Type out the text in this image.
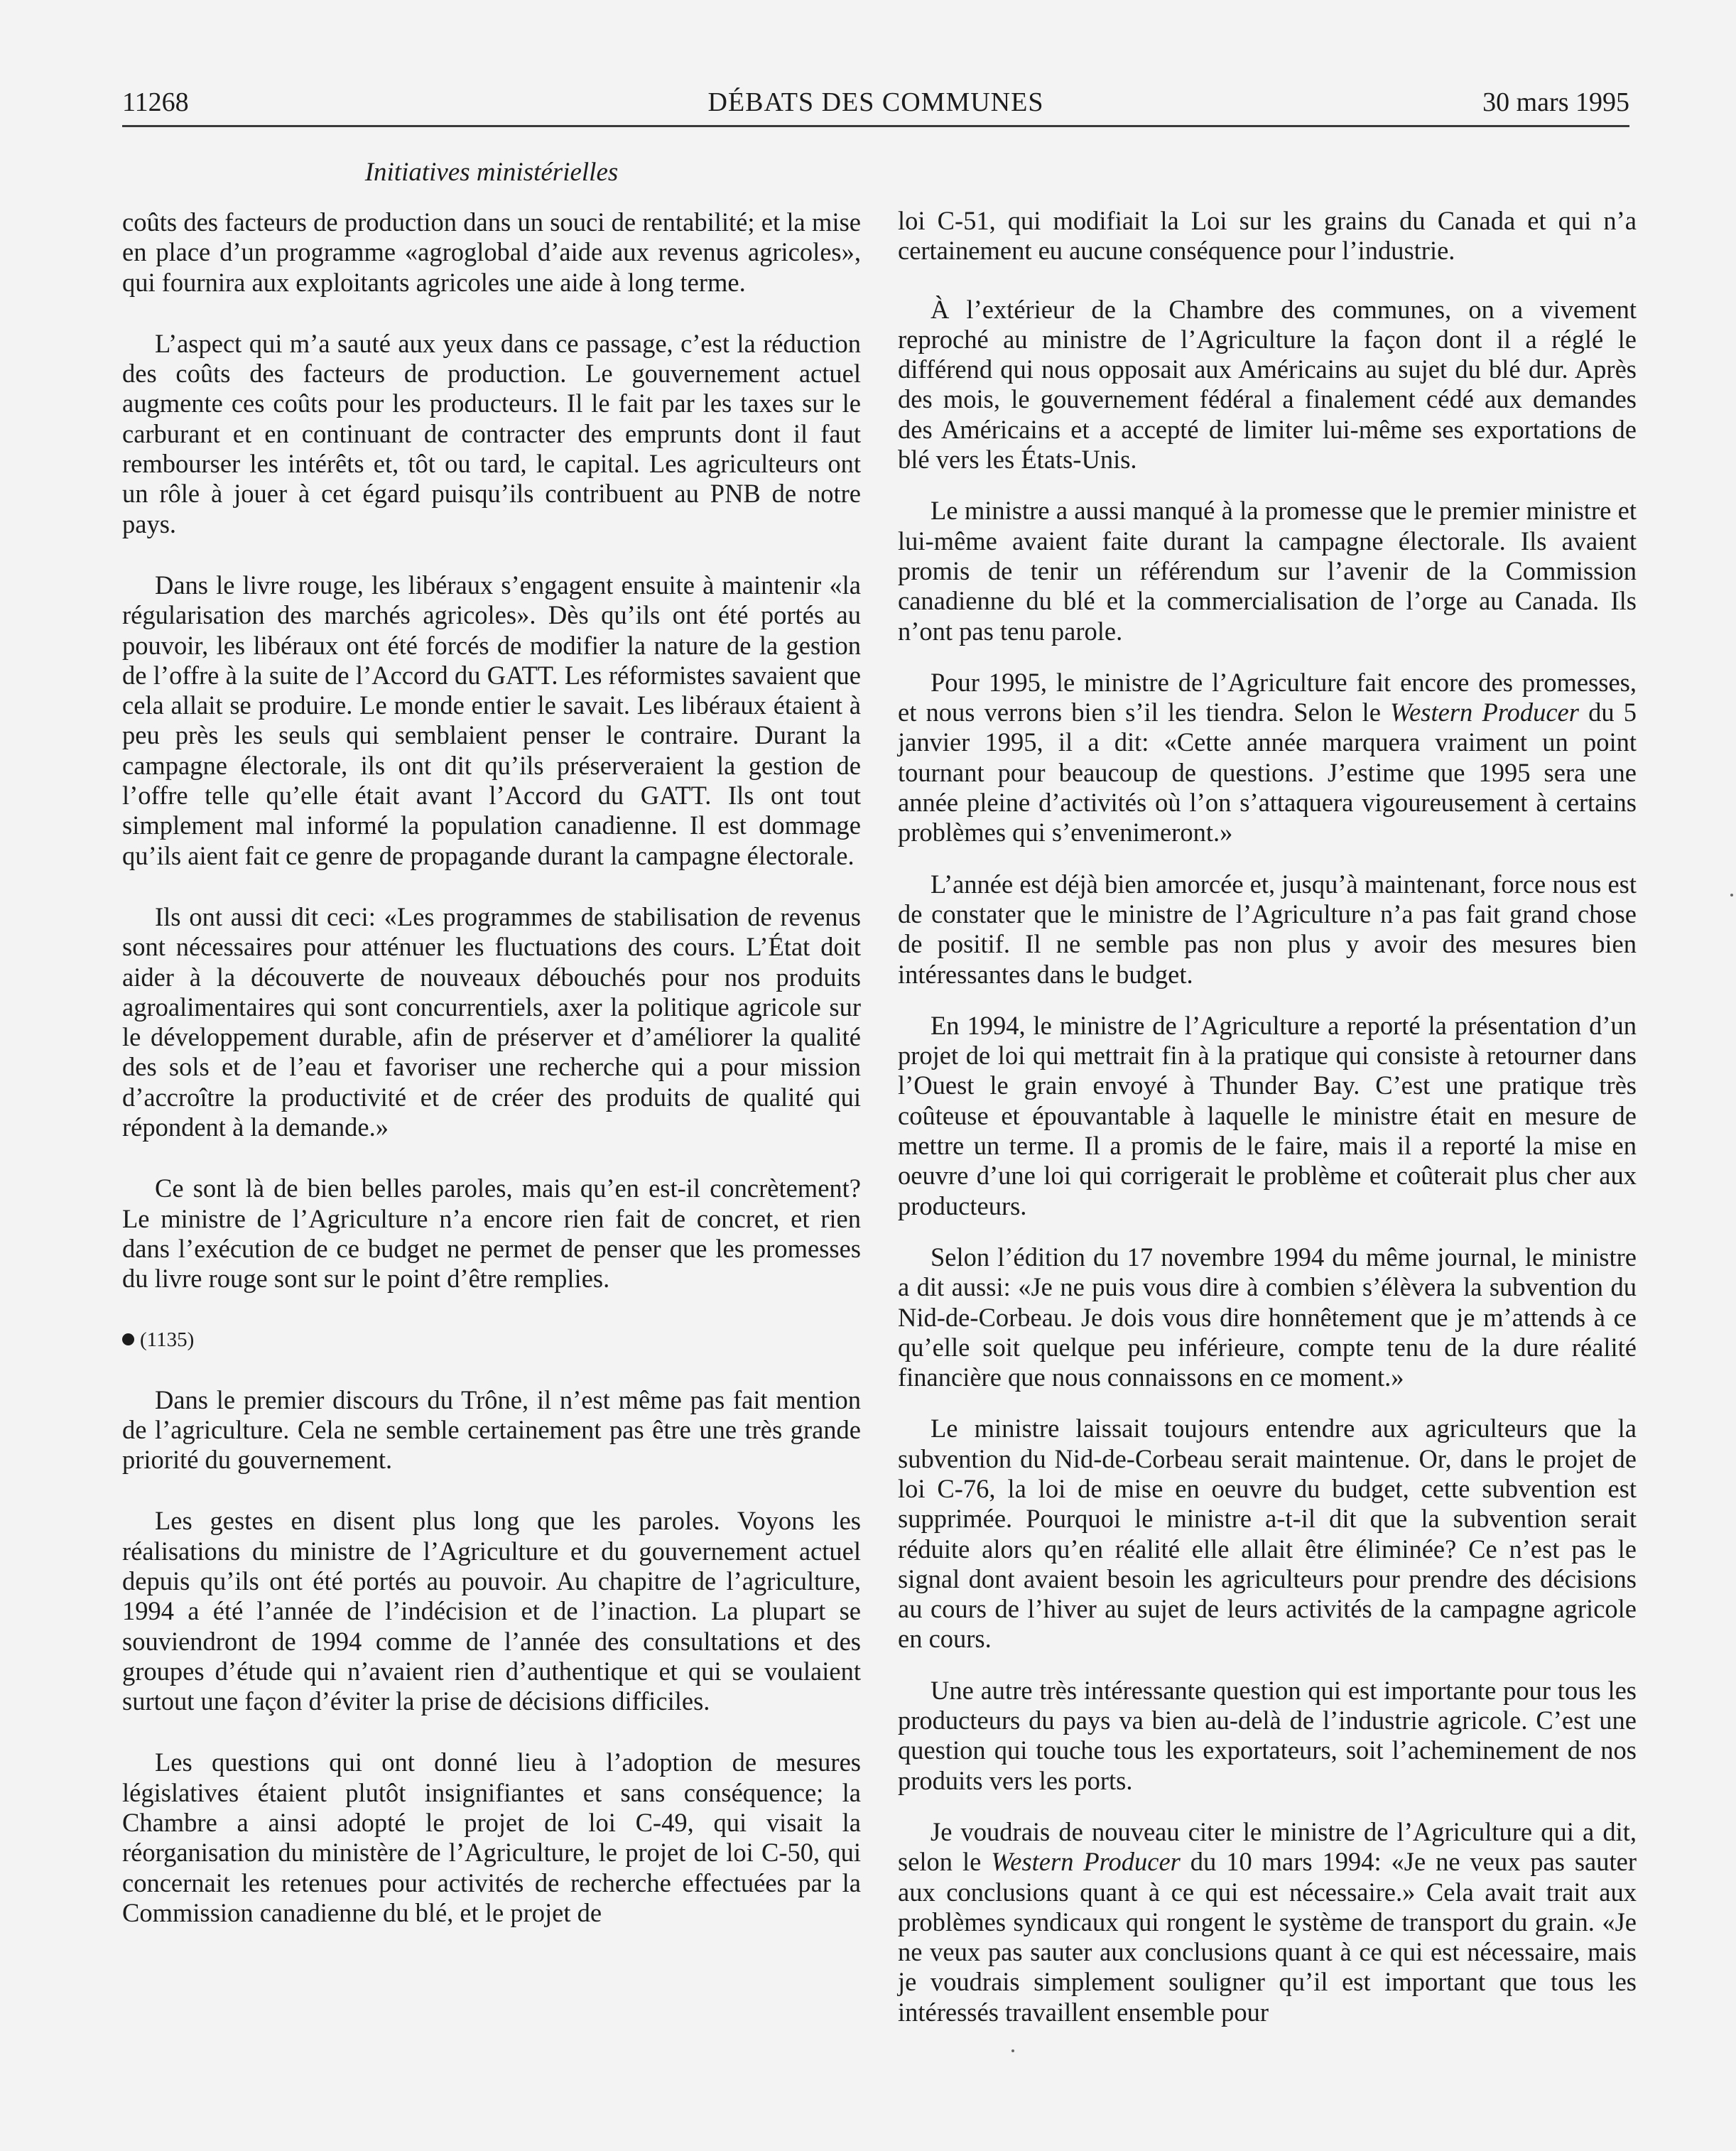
11268	DÉBATS DES COMMUNES	30 mars 1995
Initiatives ministérielles

coûts des facteurs de production dans un souci de rentabilité; et la mise en place d’un programme «agroglobal d’aide aux revenus agricoles», qui fournira aux exploitants agricoles une aide à long terme.

L’aspect qui m’a sauté aux yeux dans ce passage, c’est la réduction des coûts des facteurs de production. Le gouvernement actuel augmente ces coûts pour les producteurs. Il le fait par les taxes sur le carburant et en continuant de contracter des emprunts dont il faut rembourser les intérêts et, tôt ou tard, le capital. Les agriculteurs ont un rôle à jouer à cet égard puisqu’ils contribuent au PNB de notre pays.

Dans le livre rouge, les libéraux s’engagent ensuite à maintenir «la régularisation des marchés agricoles». Dès qu’ils ont été portés au pouvoir, les libéraux ont été forcés de modifier la nature de la gestion de l’offre à la suite de l’Accord du GATT. Les réformistes savaient que cela allait se produire. Le monde entier le savait. Les libéraux étaient à peu près les seuls qui semblaient penser le contraire. Durant la campagne électorale, ils ont dit qu’ils préserveraient la gestion de l’offre telle qu’elle était avant l’Accord du GATT. Ils ont tout simplement mal informé la population canadienne. Il est dommage qu’ils aient fait ce genre de propagande durant la campagne électorale.

Ils ont aussi dit ceci: «Les programmes de stabilisation de revenus sont nécessaires pour atténuer les fluctuations des cours. L’État doit aider à la découverte de nouveaux débouchés pour nos produits agroalimentaires qui sont concurrentiels, axer la politique agricole sur le développement durable, afin de préserver et d’améliorer la qualité des sols et de l’eau et favoriser une recherche qui a pour mission d’accroître la productivité et de créer des produits de qualité qui répondent à la demande.»

Ce sont là de bien belles paroles, mais qu’en est-il concrètement? Le ministre de l’Agriculture n’a encore rien fait de concret, et rien dans l’exécution de ce budget ne permet de penser que les promesses du livre rouge sont sur le point d’être remplies.

(1135)

Dans le premier discours du Trône, il n’est même pas fait mention de l’agriculture. Cela ne semble certainement pas être une très grande priorité du gouvernement.

Les gestes en disent plus long que les paroles. Voyons les réalisations du ministre de l’Agriculture et du gouvernement actuel depuis qu’ils ont été portés au pouvoir. Au chapitre de l’agriculture, 1994 a été l’année de l’indécision et de l’inaction. La plupart se souviendront de 1994 comme de l’année des consultations et des groupes d’étude qui n’avaient rien d’authentique et qui se voulaient surtout une façon d’éviter la prise de décisions difficiles.

Les questions qui ont donné lieu à l’adoption de mesures législatives étaient plutôt insignifiantes et sans conséquence; la Chambre a ainsi adopté le projet de loi C-49, qui visait la réorganisation du ministère de l’Agriculture, le projet de loi C-50, qui concernait les retenues pour activités de recherche effectuées par la Commission canadienne du blé, et le projet de

loi C-51, qui modifiait la Loi sur les grains du Canada et qui n’a certainement eu aucune conséquence pour l’industrie.

À l’extérieur de la Chambre des communes, on a vivement reproché au ministre de l’Agriculture la façon dont il a réglé le différend qui nous opposait aux Américains au sujet du blé dur. Après des mois, le gouvernement fédéral a finalement cédé aux demandes des Américains et a accepté de limiter lui-même ses exportations de blé vers les États-Unis.

Le ministre a aussi manqué à la promesse que le premier ministre et lui-même avaient faite durant la campagne électorale. Ils avaient promis de tenir un référendum sur l’avenir de la Commission canadienne du blé et la commercialisation de l’orge au Canada. Ils n’ont pas tenu parole.

Pour 1995, le ministre de l’Agriculture fait encore des promesses, et nous verrons bien s’il les tiendra. Selon le Western Producer du 5 janvier 1995, il a dit: «Cette année marquera vraiment un point tournant pour beaucoup de questions. J’estime que 1995 sera une année pleine d’activités où l’on s’attaquera vigoureusement à certains problèmes qui s’envenimeront.»

L’année est déjà bien amorcée et, jusqu’à maintenant, force nous est de constater que le ministre de l’Agriculture n’a pas fait grand chose de positif. Il ne semble pas non plus y avoir des mesures bien intéressantes dans le budget.

En 1994, le ministre de l’Agriculture a reporté la présentation d’un projet de loi qui mettrait fin à la pratique qui consiste à retourner dans l’Ouest le grain envoyé à Thunder Bay. C’est une pratique très coûteuse et épouvantable à laquelle le ministre était en mesure de mettre un terme. Il a promis de le faire, mais il a reporté la mise en oeuvre d’une loi qui corrigerait le problème et coûterait plus cher aux producteurs.

Selon l’édition du 17 novembre 1994 du même journal, le ministre a dit aussi: «Je ne puis vous dire à combien s’élèvera la subvention du Nid-de-Corbeau. Je dois vous dire honnêtement que je m’attends à ce qu’elle soit quelque peu inférieure, compte tenu de la dure réalité financière que nous connaissons en ce moment.»

Le ministre laissait toujours entendre aux agriculteurs que la subvention du Nid-de-Corbeau serait maintenue. Or, dans le projet de loi C-76, la loi de mise en oeuvre du budget, cette subvention est supprimée. Pourquoi le ministre a-t-il dit que la subvention serait réduite alors qu’en réalité elle allait être éliminée? Ce n’est pas le signal dont avaient besoin les agriculteurs pour prendre des décisions au cours de l’hiver au sujet de leurs activités de la campagne agricole en cours.

Une autre très intéressante question qui est importante pour tous les producteurs du pays va bien au-delà de l’industrie agricole. C’est une question qui touche tous les exportateurs, soit l’acheminement de nos produits vers les ports.

Je voudrais de nouveau citer le ministre de l’Agriculture qui a dit, selon le Western Producer du 10 mars 1994: «Je ne veux pas sauter aux conclusions quant à ce qui est nécessaire.» Cela avait trait aux problèmes syndicaux qui rongent le système de transport du grain. «Je ne veux pas sauter aux conclusions quant à ce qui est nécessaire, mais je voudrais simplement souligner qu’il est important que tous les intéressés travaillent ensemble pour
